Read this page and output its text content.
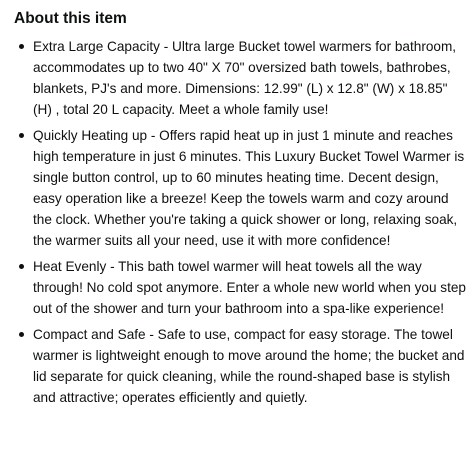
About this item
Extra Large Capacity - Ultra large Bucket towel warmers for bathroom, accommodates up to two 40" X 70" oversized bath towels, bathrobes, blankets, PJ's and more. Dimensions: 12.99" (L) x 12.8" (W) x 18.85" (H) , total 20 L capacity. Meet a whole family use!
Quickly Heating up - Offers rapid heat up in just 1 minute and reaches high temperature in just 6 minutes. This Luxury Bucket Towel Warmer is single button control, up to 60 minutes heating time. Decent design, easy operation like a breeze! Keep the towels warm and cozy around the clock. Whether you're taking a quick shower or long, relaxing soak, the warmer suits all your need, use it with more confidence!
Heat Evenly - This bath towel warmer will heat towels all the way through! No cold spot anymore. Enter a whole new world when you step out of the shower and turn your bathroom into a spa-like experience!
Compact and Safe - Safe to use, compact for easy storage. The towel warmer is lightweight enough to move around the home; the bucket and lid separate for quick cleaning, while the round-shaped base is stylish and attractive; operates efficiently and quietly.
